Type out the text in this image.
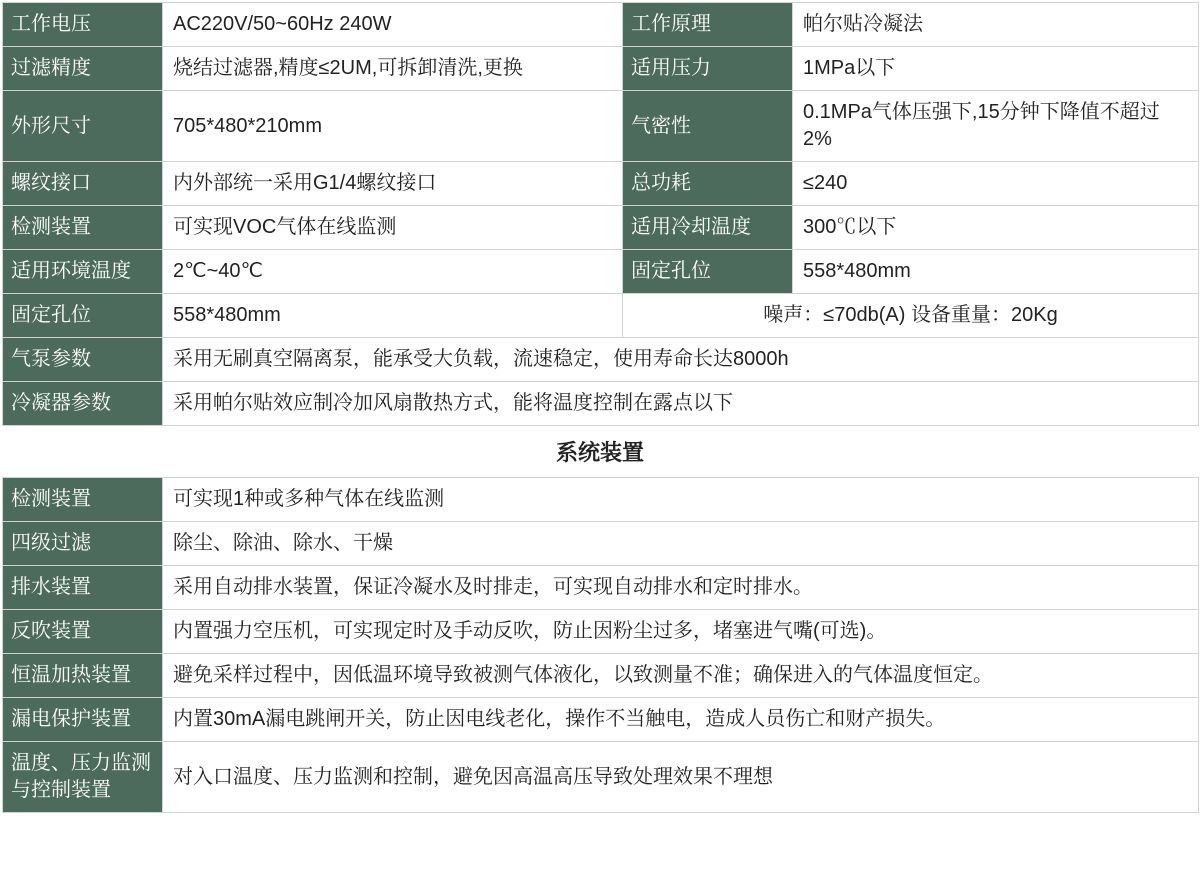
工作电压	AC220V/50~60Hz 240W	工作原理	帕尔贴冷凝法
过滤精度	烧结过滤器,精度≤2UM,可拆卸清洗,更换	适用压力	1MPa以下
外形尺寸	705*480*210mm	气密性	0.1MPa气体压强下,15分钟下降值不超过2%
螺纹接口	内外部统一采用G1/4螺纹接口	总功耗	≤240
检测装置	可实现VOC气体在线监测	适用冷却温度	300℃以下
适用环境温度	2℃~40℃	固定孔位	558*480mm
固定孔位	558*480mm	噪声：≤70db(A) 设备重量：20Kg	
气泵参数	采用无刷真空隔离泵，能承受大负载，流速稳定，使用寿命长达8000h		
冷凝器参数	采用帕尔贴效应制冷加风扇散热方式，能将温度控制在露点以下		
系统装置
检测装置	可实现1种或多种气体在线监测
四级过滤	除尘、除油、除水、干燥
排水装置	采用自动排水装置，保证冷凝水及时排走，可实现自动排水和定时排水。
反吹装置	内置强力空压机，可实现定时及手动反吹，防止因粉尘过多，堵塞进气嘴(可选)。
恒温加热装置	避免采样过程中，因低温环境导致被测气体液化，以致测量不准；确保进入的气体温度恒定。
漏电保护装置	内置30mA漏电跳闸开关，防止因电线老化，操作不当触电，造成人员伤亡和财产损失。
温度、压力监测与控制装置	对入口温度、压力监测和控制，避免因高温高压导致处理效果不理想
